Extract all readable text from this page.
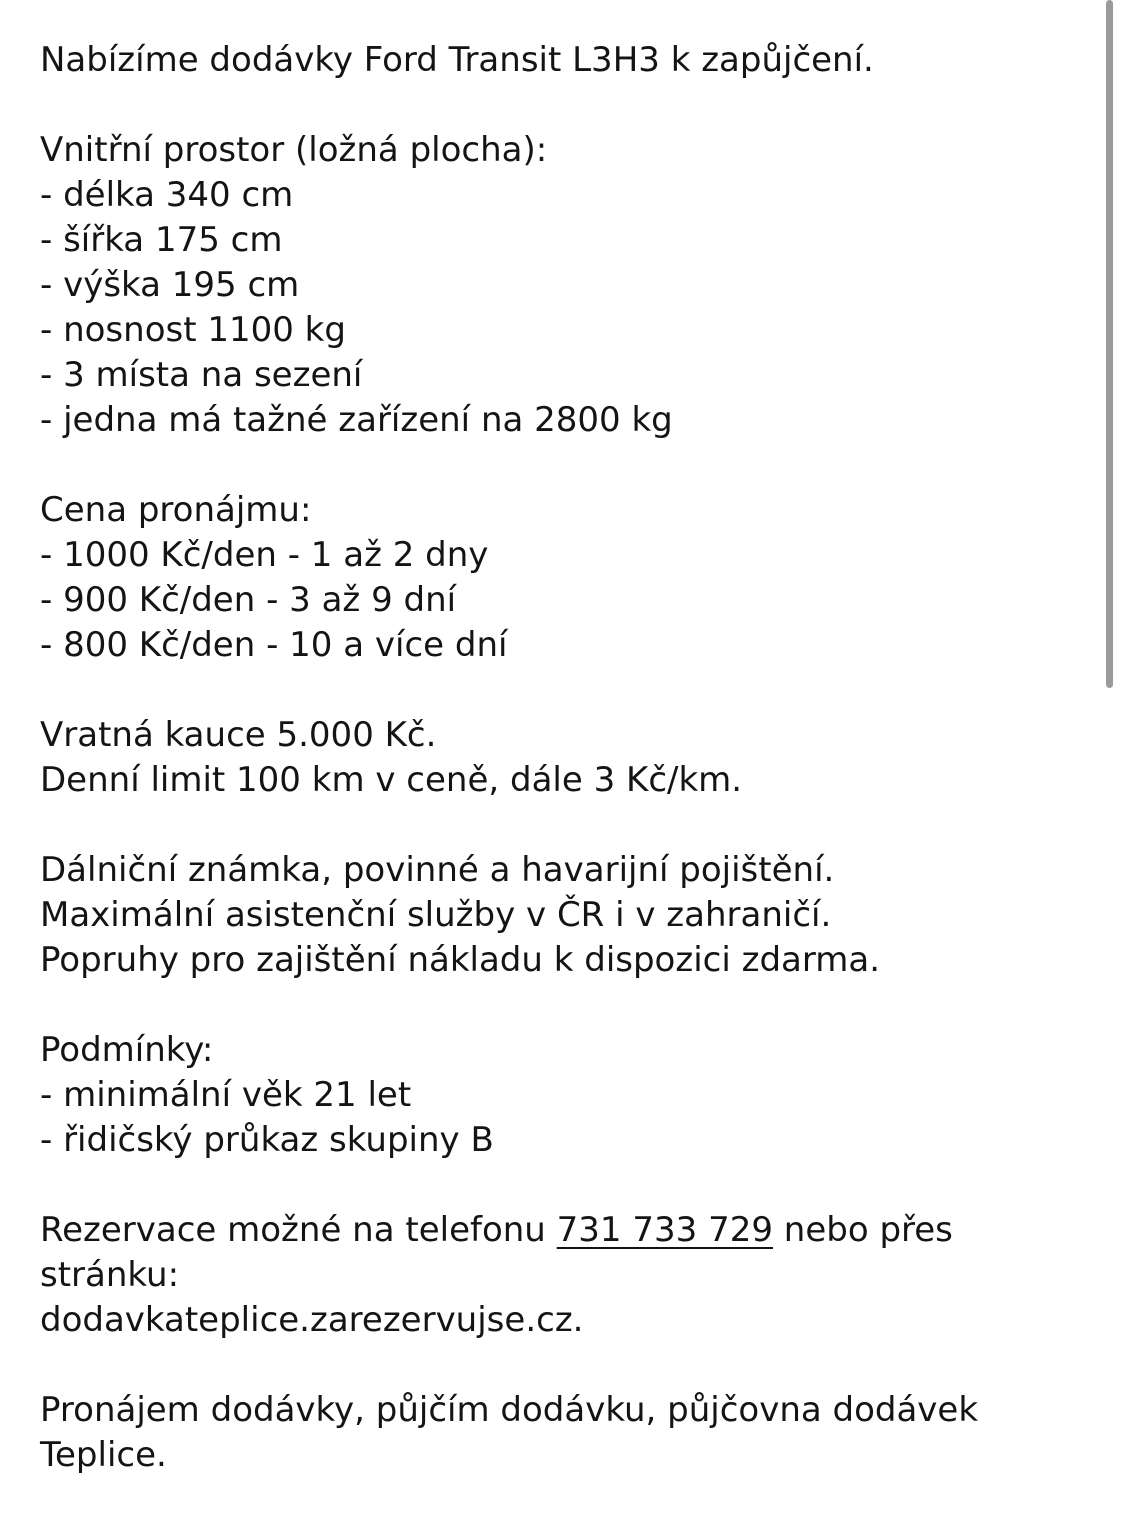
Nabízíme dodávky Ford Transit L3H3 k zapůjčení.
Vnitřní prostor (ložná plocha):
- délka 340 cm
- šířka 175 cm
- výška 195 cm
- nosnost 1100 kg
- 3 místa na sezení
- jedna má tažné zařízení na 2800 kg
Cena pronájmu:
- 1000 Kč/den - 1 až 2 dny
- 900 Kč/den - 3 až 9 dní
- 800 Kč/den - 10 a více dní
Vratná kauce 5.000 Kč.
Denní limit 100 km v ceně, dále 3 Kč/km.
Dálniční známka, povinné a havarijní pojištění.
Maximální asistenční služby v ČR i v zahraničí.
Popruhy pro zajištění nákladu k dispozici zdarma.
Podmínky:
- minimální věk 21 let
- řidičský průkaz skupiny B
Rezervace možné na telefonu 731 733 729 nebo přes
stránku:
dodavkateplice.zarezervujse.cz.
Pronájem dodávky, půjčím dodávku, půjčovna dodávek
Teplice.
